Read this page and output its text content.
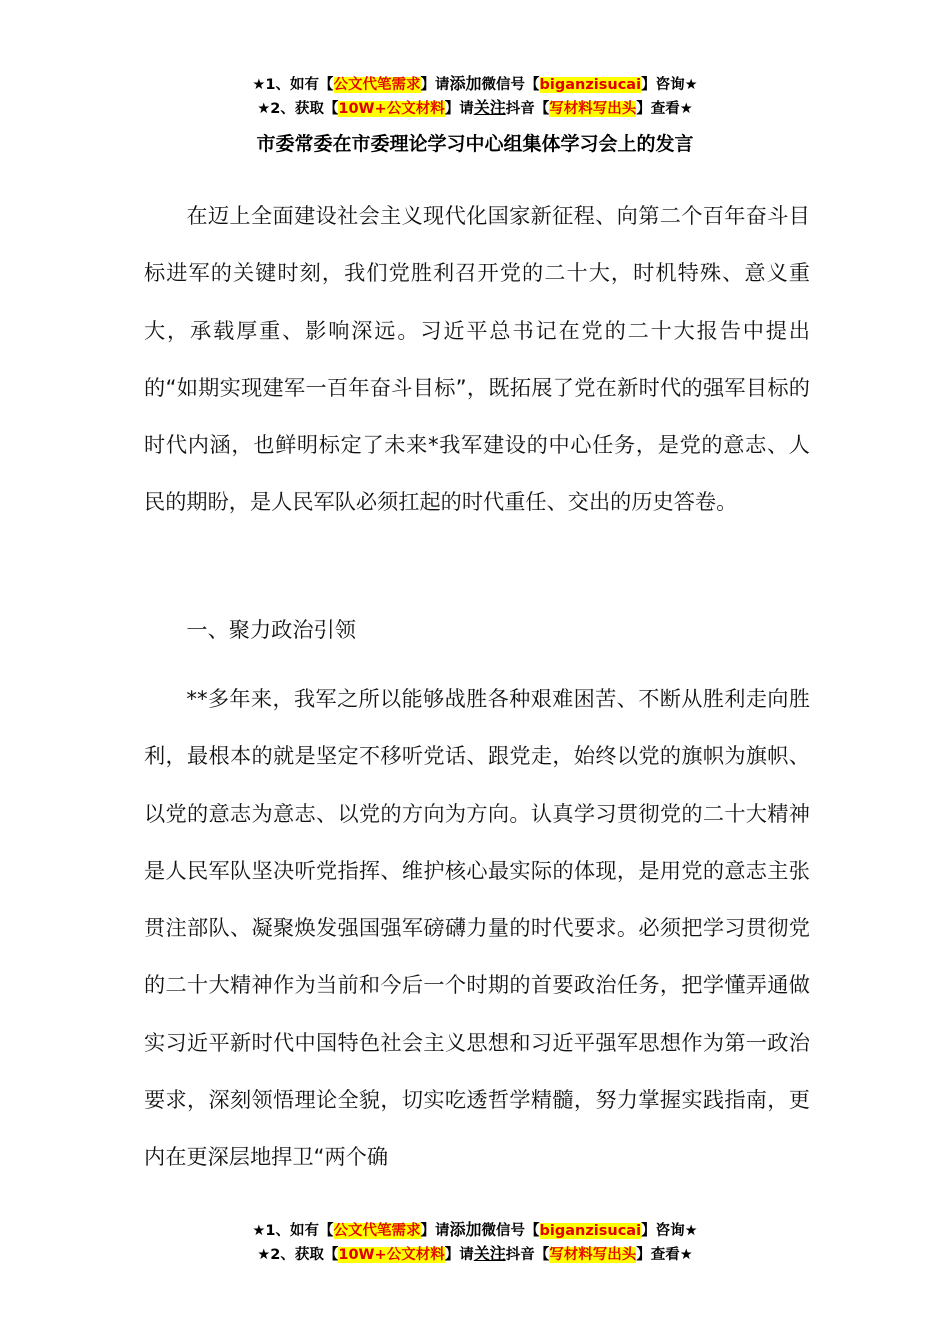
★1、如有【公文代笔需求】请添加微信号【biganzisucai】咨询★
★2、获取【10W+公文材料】请关注抖音【写材料写出头】查看★
市委常委在市委理论学习中心组集体学习会上的发言

在迈上全面建设社会主义现代化国家新征程、向第二个百年奋斗目标进军的关键时刻，我们党胜利召开党的二十大，时机特殊、意义重大，承载厚重、影响深远。习近平总书记在党的二十大报告中提出的“如期实现建军一百年奋斗目标”，既拓展了党在新时代的强军目标的时代内涵，也鲜明标定了未来*我军建设的中心任务，是党的意志、人民的期盼，是人民军队必须扛起的时代重任、交出的历史答卷。

一、聚力政治引领

**多年来，我军之所以能够战胜各种艰难困苦、不断从胜利走向胜利，最根本的就是坚定不移听党话、跟党走，始终以党的旗帜为旗帜、以党的意志为意志、以党的方向为方向。认真学习贯彻党的二十大精神是人民军队坚决听党指挥、维护核心最实际的体现，是用党的意志主张贯注部队、凝聚焕发强国强军磅礴力量的时代要求。必须把学习贯彻党的二十大精神作为当前和今后一个时期的首要政治任务，把学懂弄通做实习近平新时代中国特色社会主义思想和习近平强军思想作为第一政治要求，深刻领悟理论全貌，切实吃透哲学精髓，努力掌握实践指南，更内在更深层地捍卫“两个确

★1、如有【公文代笔需求】请添加微信号【biganzisucai】咨询★
★2、获取【10W+公文材料】请关注抖音【写材料写出头】查看★
